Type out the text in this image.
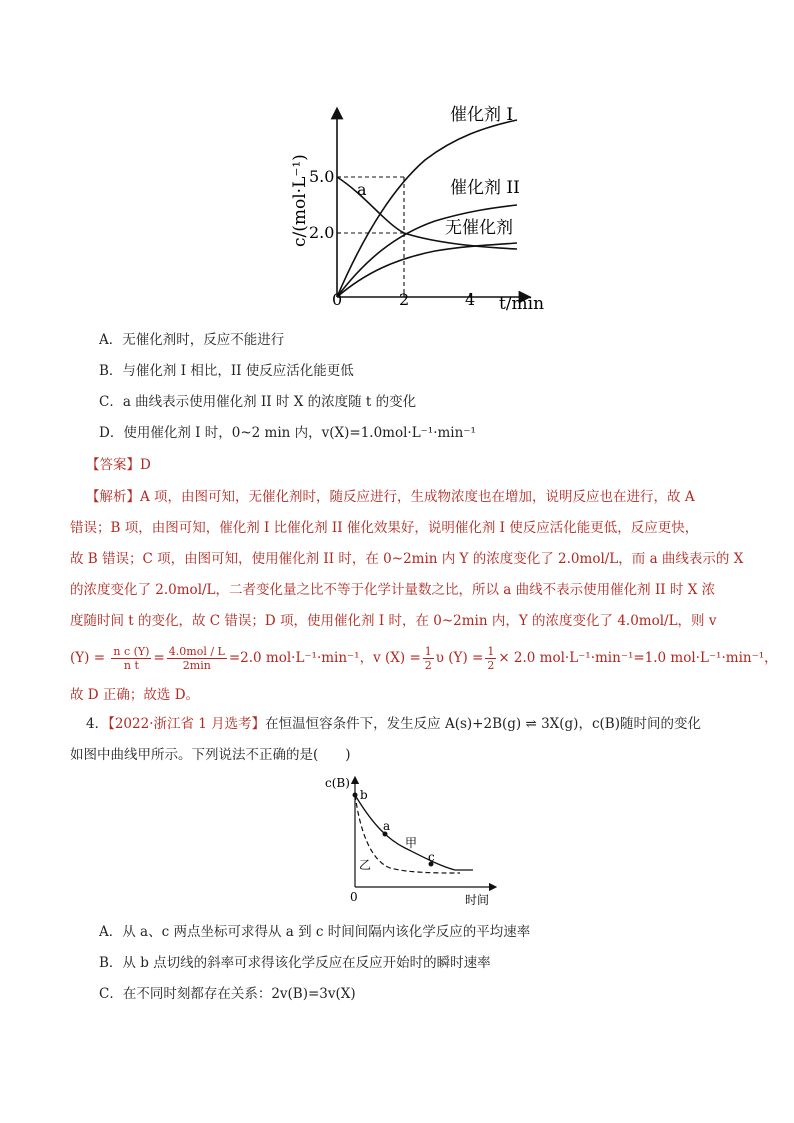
c/(mol·L⁻¹)
t/min
0	2	4
5.0
2.0
a
催化剂 I
催化剂 II
无催化剂
A．无催化剂时，反应不能进行
B．与催化剂 I 相比，II 使反应活化能更低
C．a 曲线表示使用催化剂 II 时 X 的浓度随 t 的变化
D．使用催化剂 I 时，0~2 min 内，v(X)=1.0mol·L⁻¹·min⁻¹
【答案】D
【解析】A 项，由图可知，无催化剂时，随反应进行，生成物浓度也在增加，说明反应也在进行，故 A
错误；B 项，由图可知，催化剂 I 比催化剂 II 催化效果好，说明催化剂 I 使反应活化能更低，反应更快，
故 B 错误；C 项，由图可知，使用催化剂 II 时，在 0~2min 内 Y 的浓度变化了 2.0mol/L，而 a 曲线表示的 X
的浓度变化了 2.0mol/L，二者变化量之比不等于化学计量数之比，所以 a 曲线不表示使用催化剂 II 时 X 浓
度随时间 t 的变化，故 C 错误；D 项，使用催化剂 I 时，在 0~2min 内，Y 的浓度变化了 4.0mol/L，则 v
$(Y) = \frac{\text{n c (Y)}}{\text{n t}} = \frac{\text{4.0mol / L}}{2\min} =2.0$ mol·L⁻¹·min⁻¹，v $(X) = \frac{1}{2}$ υ $(Y) = \frac{1}{2} \times 2.0$ mol·L⁻¹·min⁻¹=1.0 mol·L⁻¹·min⁻¹，
故 D 正确；故选 D。
4．【2022·浙江省 1 月选考】在恒温恒容条件下，发生反应 A(s)+2B(g) ⇌ 3X(g)，c(B)随时间的变化
如图中曲线甲所示。下列说法不正确的是(　　)
c(B)
时间
0
b
a
c
甲
乙
A．从 a、c 两点坐标可求得从 a 到 c 时间间隔内该化学反应的平均速率
B．从 b 点切线的斜率可求得该化学反应在反应开始时的瞬时速率
C．在不同时刻都存在关系：2v(B)=3v(X)
